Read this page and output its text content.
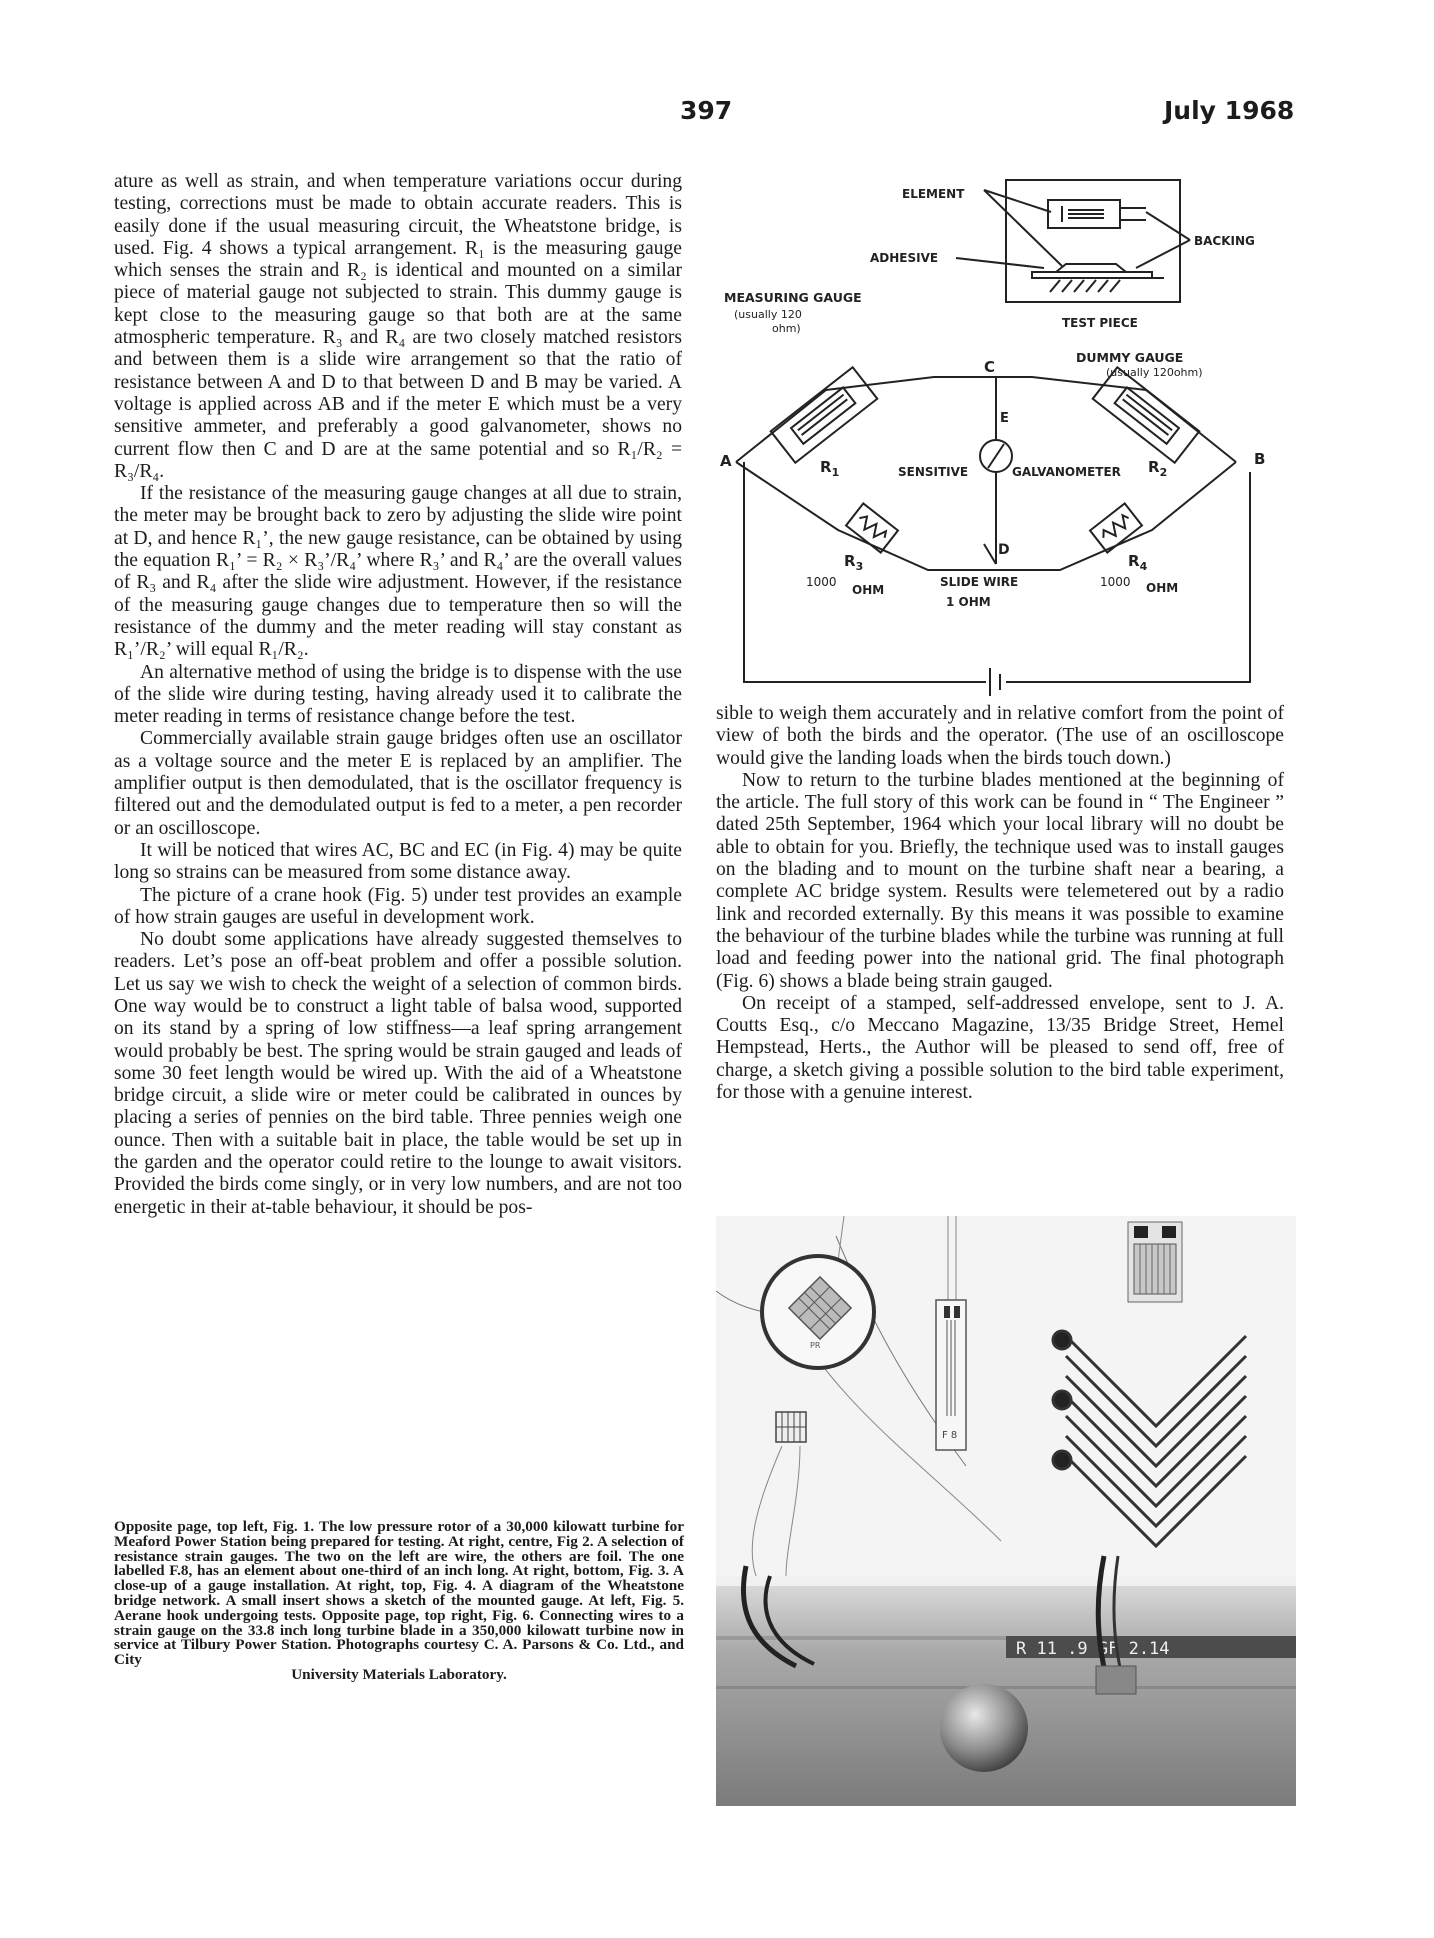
397	July 1968

ature as well as strain, and when temperature variations occur during testing, corrections must be made to obtain accurate readers. This is easily done if the usual measuring circuit, the Wheatstone bridge, is used. Fig. 4 shows a typical arrangement. R₁ is the measuring gauge which senses the strain and R₂ is identical and mounted on a similar piece of material gauge not subjected to strain. This dummy gauge is kept close to the measuring gauge so that both are at the same atmospheric temperature. R₃ and R₄ are two closely matched resistors and between them is a slide wire arrangement so that the ratio of resistance between A and D to that between D and B may be varied. A voltage is applied across AB and if the meter E which must be a very sensitive ammeter, and preferably a good galvanometer, shows no current flow then C and D are at the same potential and so R₁/R₂ = R₃/R₄.

If the resistance of the measuring gauge changes at all due to strain, the meter may be brought back to zero by adjusting the slide wire point at D, and hence R₁’, the new gauge resistance, can be obtained by using the equation R₁’ = R₂ × R₃’/R₄’ where R₃’ and R₄’ are the overall values of R₃ and R₄ after the slide wire adjustment. However, if the resistance of the measuring gauge changes due to temperature then so will the resistance of the dummy and the meter reading will stay constant as R₁’/R₂’ will equal R₁/R₂.

An alternative method of using the bridge is to dispense with the use of the slide wire during testing, having already used it to calibrate the meter reading in terms of resistance change before the test.

Commercially available strain gauge bridges often use an oscillator as a voltage source and the meter E is replaced by an amplifier. The amplifier output is then demodulated, that is the oscillator frequency is filtered out and the demodulated output is fed to a meter, a pen recorder or an oscilloscope.

It will be noticed that wires AC, BC and EC (in Fig. 4) may be quite long so strains can be measured from some distance away.

The picture of a crane hook (Fig. 5) under test provides an example of how strain gauges are useful in development work.

No doubt some applications have already suggested themselves to readers. Let’s pose an off-beat problem and offer a possible solution. Let us say we wish to check the weight of a selection of common birds. One way would be to construct a light table of balsa wood, supported on its stand by a spring of low stiffness—a leaf spring arrangement would probably be best. The spring would be strain gauged and leads of some 30 feet length would be wired up. With the aid of a Wheatstone bridge circuit, a slide wire or meter could be calibrated in ounces by placing a series of pennies on the bird table. Three pennies weigh one ounce. Then with a suitable bait in place, the table would be set up in the garden and the operator could retire to the lounge to await visitors. Provided the birds come singly, or in very low numbers, and are not too energetic in their at-table behaviour, it should be pos-

Opposite page, top left, Fig. 1. The low pressure rotor of a 30,000 kilowatt turbine for Meaford Power Station being prepared for testing. At right, centre, Fig 2. A selection of resistance strain gauges. The two on the left are wire, the others are foil. The one labelled F.8, has an element about one-third of an inch long. At right, bottom, Fig. 3. A close-up of a gauge installation. At right, top, Fig. 4. A diagram of the Wheatstone bridge network. A small insert shows a sketch of the mounted gauge. At left, Fig. 5. Aerane hook undergoing tests. Opposite page, top right, Fig. 6. Connecting wires to a strain gauge on the 33.8 inch long turbine blade in a 350,000 kilowatt turbine now in service at Tilbury Power Station. Photographs courtesy C. A. Parsons & Co. Ltd., and City
University Materials Laboratory.
ELEMENT
ADHESIVE
BACKING
TEST PIECE
MEASURING GAUGE
(usually 120
ohm)
DUMMY GAUGE
(usually 120ohm)
C
E
A	B
D
$R_1$	$R_2$
$R_3$	$R_4$
SENSITIVE	GALVANOMETER
1000
OHM
1000 OHM
SLIDE WIRE
1 OHM

sible to weigh them accurately and in relative comfort from the point of view of both the birds and the operator. (The use of an oscilloscope would give the landing loads when the birds touch down.)

Now to return to the turbine blades mentioned at the beginning of the article. The full story of this work can be found in “ The Engineer ” dated 25th September, 1964 which your local library will no doubt be able to obtain for you. Briefly, the technique used was to install gauges on the blading and to mount on the turbine shaft near a bearing, a complete AC bridge system. Results were telemetered out by a radio link and recorded externally. By this means it was possible to examine the behaviour of the turbine blades while the turbine was running at full load and feeding power into the national grid. The final photograph (Fig. 6) shows a blade being strain gauged.

On receipt of a stamped, self-addressed envelope, sent to J. A. Coutts Esq., c/o Meccano Magazine, 13/35 Bridge Street, Hemel Hempstead, Herts., the Author will be pleased to send off, free of charge, a sketch giving a possible solution to the bird table experiment, for those with a genuine interest.

PR
F 8
R 11 .9 GF 2.14
